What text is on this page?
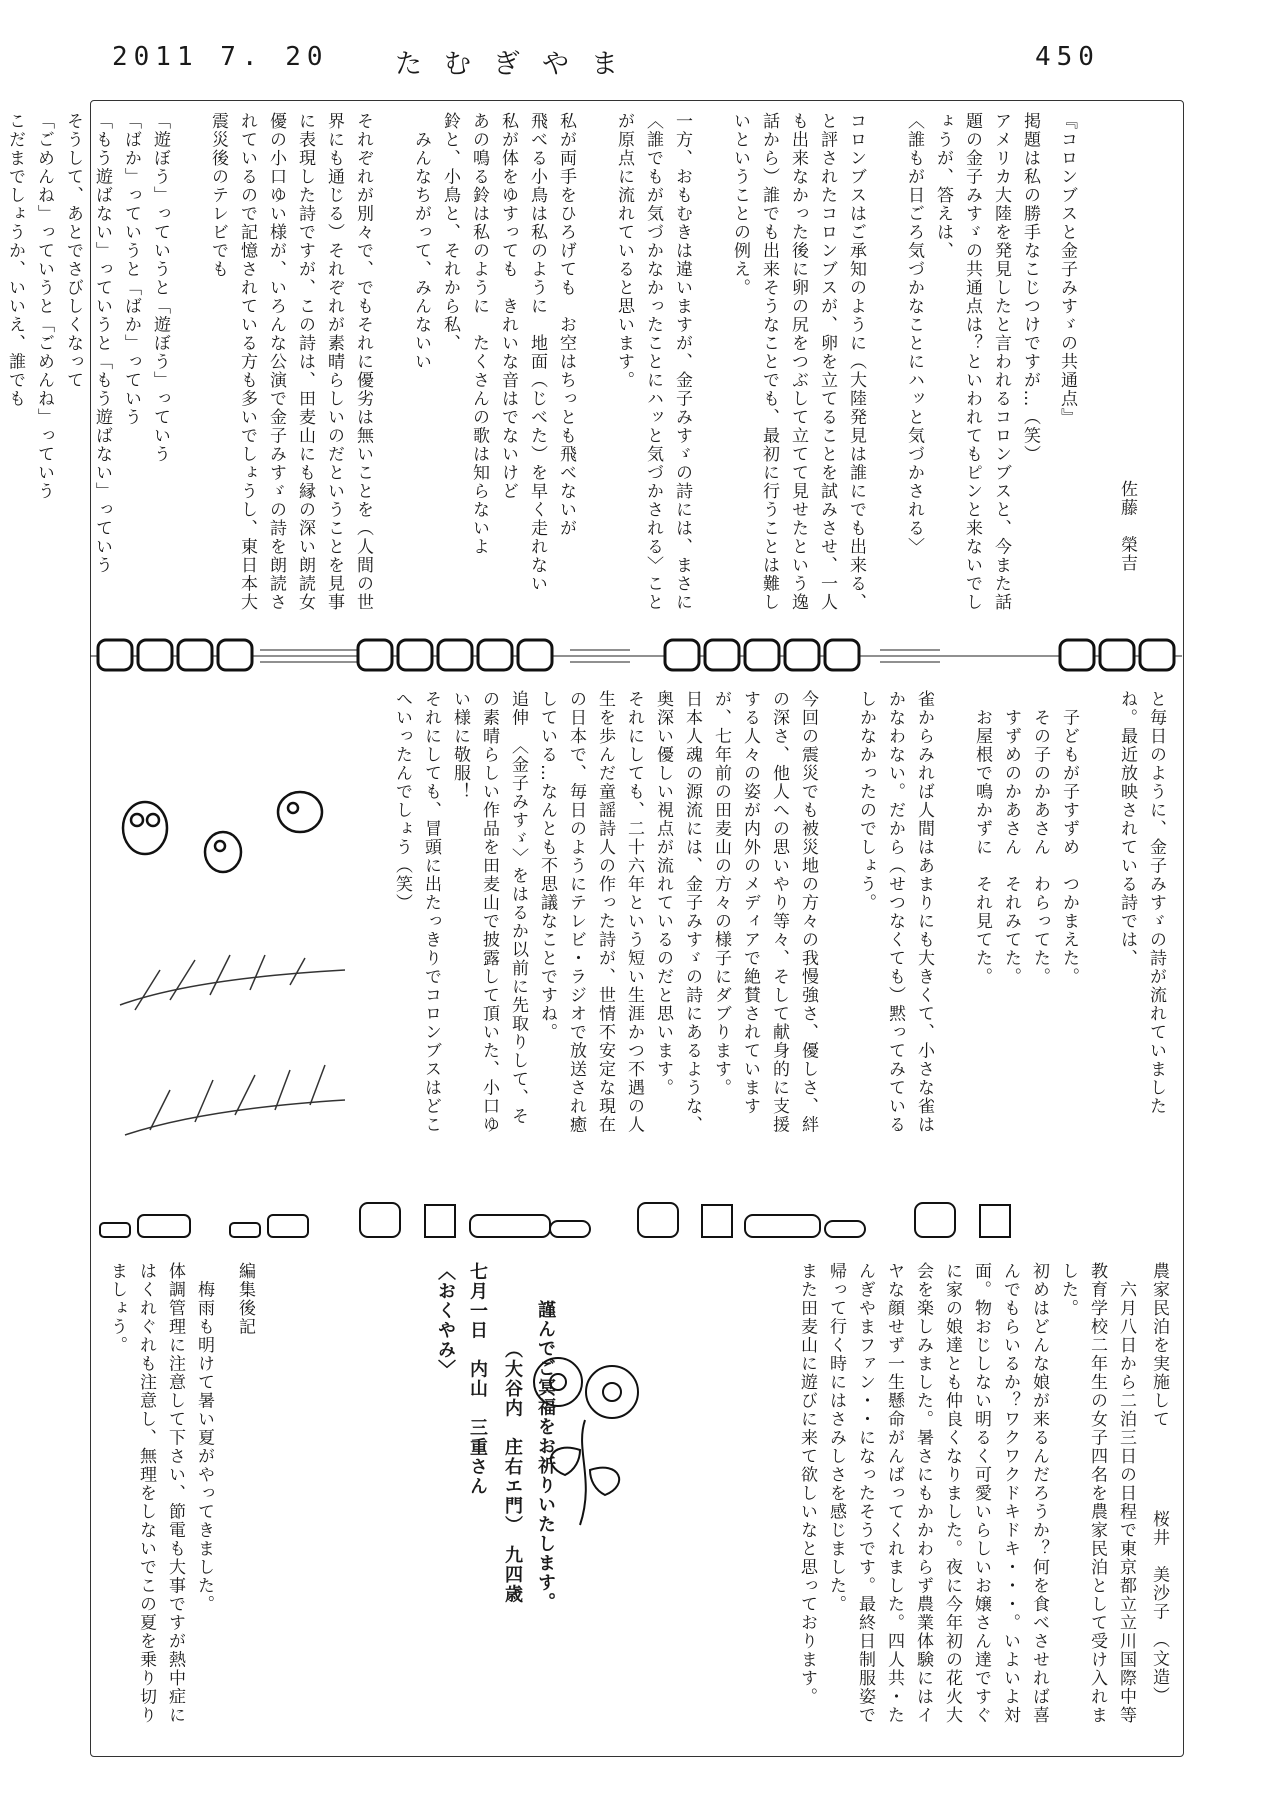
2011 7. 20 たむぎやま	450
『コロンブスと金子みすゞの共通点』
佐藤　榮吉
掲題は私の勝手なこじつけですが…（笑）
アメリカ大陸を発見したと言われるコロンブスと、今また話題の金子みすゞの共通点は？といわれてもピンと来ないでしょうが、答えは、
〈誰もが日ごろ気づかなことにハッと気づかされる〉

コロンブスはご承知のように（大陸発見は誰にでも出来る、と評されたコロンブスが、卵を立てることを試みさせ、一人も出来なかった後に卵の尻をつぶして立てて見せたという逸話から）誰でも出来そうなことでも、最初に行うことは難しいということの例え。

一方、おもむきは違いますが、金子みすゞの詩には、まさに〈誰でもが気づかなかったことにハッと気づかされる〉ことが原点に流れていると思います。

私が両手をひろげても　お空はちっとも飛べないが
飛べる小鳥は私のように　地面（じべた）を早く走れない
私が体をゆすっても　きれいな音はでないけど
あの鳴る鈴は私のように　たくさんの歌は知らないよ
鈴と、小鳥と、それから私、
　みんなちがって、みんないい

それぞれが別々で、でもそれに優劣は無いことを（人間の世界にも通じる）それぞれが素晴らしいのだということを見事に表現した詩ですが、この詩は、田麦山にも縁の深い朗読女優の小口ゆい様が、いろんな公演で金子みすゞの詩を朗読されているので記憶されている方も多いでしょうし、東日本大震災後のテレビでも

「遊ぼう」っていうと「遊ぼう」っていう
「ばか」っていうと「ばか」っていう
「もう遊ばない」っていうと「もう遊ばない」っていう
そうして、あとでさびしくなって
「ごめんね」っていうと「ごめんね」っていう
こだまでしょうか、いいえ、誰でも
と毎日のように、金子みすゞの詩が流れていましたね。最近放映されている詩では、

　子どもが子すずめ　つかまえた。
　その子のかあさん　わらってた。
　すずめのかあさん　それみてた。
　お屋根で鳴かずに　それ見てた。

雀からみれば人間はあまりにも大きくて、小さな雀はかなわない。だから（せつなくても）黙ってみているしかなかったのでしょう。

今回の震災でも被災地の方々の我慢強さ、優しさ、絆の深さ、他人への思いやり等々、そして献身的に支援する人々の姿が内外のメディアで絶賛されていますが、七年前の田麦山の方々の様子にダブります。
日本人魂の源流には、金子みすゞの詩にあるような、奥深い優しい視点が流れているのだと思います。
それにしても、二十六年という短い生涯かつ不遇の人生を歩んだ童謡詩人の作った詩が、世情不安定な現在の日本で、毎日のようにテレビ・ラジオで放送され癒している…なんとも不思議なことですね。
追伸　〈金子みすゞ〉をはるか以前に先取りして、その素晴らしい作品を田麦山で披露して頂いた、小口ゆい様に敬服！
それにしても、冒頭に出たっきりでコロンブスはどこへいったんでしょう（笑）
農家民泊を実施して
桜井　美沙子　（文造）
　六月八日から二泊三日の日程で東京都立立川国際中等教育学校二年生の女子四名を農家民泊として受け入れました。
初めはどんな娘が来るんだろうか？何を食べさせれば喜んでもらいるか？ワクワクドキドキ・・・。いよいよ対面。物おじしない明るく可愛いらしいお嬢さん達ですぐに家の娘達とも仲良くなりました。夜に今年初の花火大会を楽しみました。暑さにもかかわらず農業体験にはイヤな顔せず一生懸命がんばってくれました。四人共・たんぎやまファン・・になったそうです。最終日制服姿で帰って行く時にはさみしさを感じました。
また田麦山に遊びに来て欲しいなと思っております。
〈おくやみ〉 七月一日　内山　三重さん （大谷内　庄右エ門）　九四歳 謹んでご冥福をお祈りいたします。
編集後記
　梅雨も明けて暑い夏がやってきました。
体調管理に注意して下さい、節電も大事ですが熱中症にはくれぐれも注意し、無理をしないでこの夏を乗り切りましょう。
